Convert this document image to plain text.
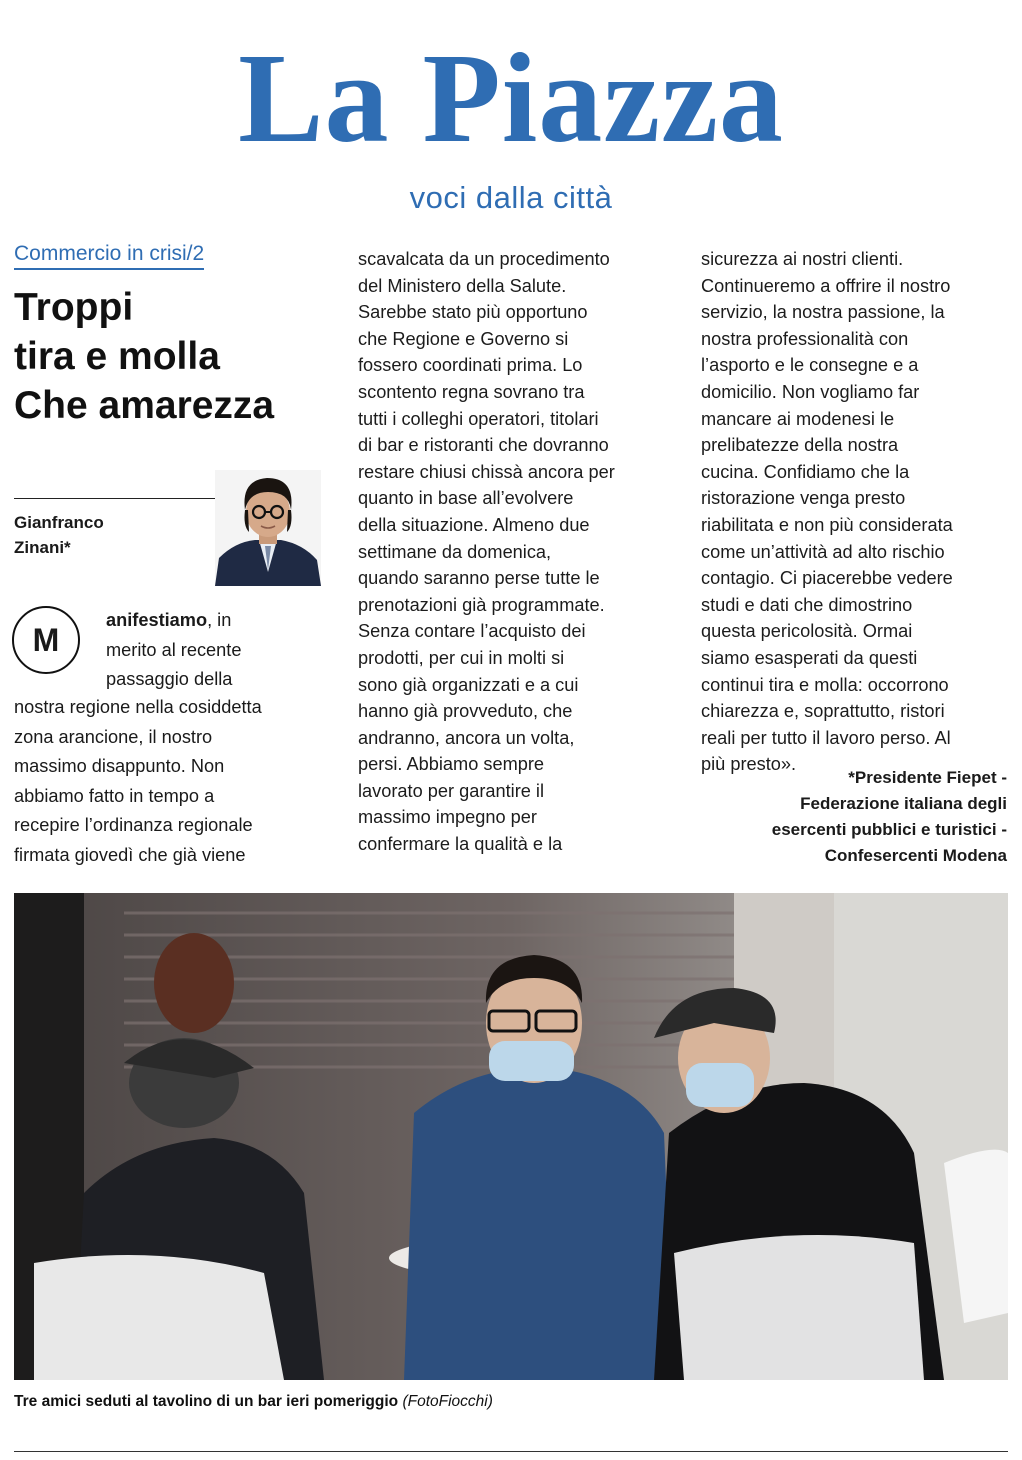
La Piazza
voci dalla città
Commercio in crisi/2
Troppi
tira e molla
Che amarezza
Gianfranco
Zinani*
M
anifestiamo, in
merito al recente
passaggio della
nostra regione nella cosiddetta
zona arancione, il nostro
massimo disappunto. Non
abbiamo fatto in tempo a
recepire l’ordinanza regionale
firmata giovedì che già viene
scavalcata da un procedimento
del Ministero della Salute.
Sarebbe stato più opportuno
che Regione e Governo si
fossero coordinati prima. Lo
scontento regna sovrano tra
tutti i colleghi operatori, titolari
di bar e ristoranti che dovranno
restare chiusi chissà ancora per
quanto in base all’evolvere
della situazione. Almeno due
settimane da domenica,
quando saranno perse tutte le
prenotazioni già programmate.
Senza contare l’acquisto dei
prodotti, per cui in molti si
sono già organizzati e a cui
hanno già provveduto, che
andranno, ancora un volta,
persi. Abbiamo sempre
lavorato per garantire il
massimo impegno per
confermare la qualità e la
sicurezza ai nostri clienti.
Continueremo a offrire il nostro
servizio, la nostra passione, la
nostra professionalità con
l’asporto e le consegne e a
domicilio. Non vogliamo far
mancare ai modenesi le
prelibatezze della nostra
cucina. Confidiamo che la
ristorazione venga presto
riabilitata e non più considerata
come un’attività ad alto rischio
contagio. Ci piacerebbe vedere
studi e dati che dimostrino
questa pericolosità. Ormai
siamo esasperati da questi
continui tira e molla: occorrono
chiarezza e, soprattutto, ristori
reali per tutto il lavoro perso. Al
più presto».
*Presidente Fiepet -
Federazione italiana degli
esercenti pubblici e turistici -
Confesercenti Modena
Tre amici seduti al tavolino di un bar ieri pomeriggio (FotoFiocchi)
